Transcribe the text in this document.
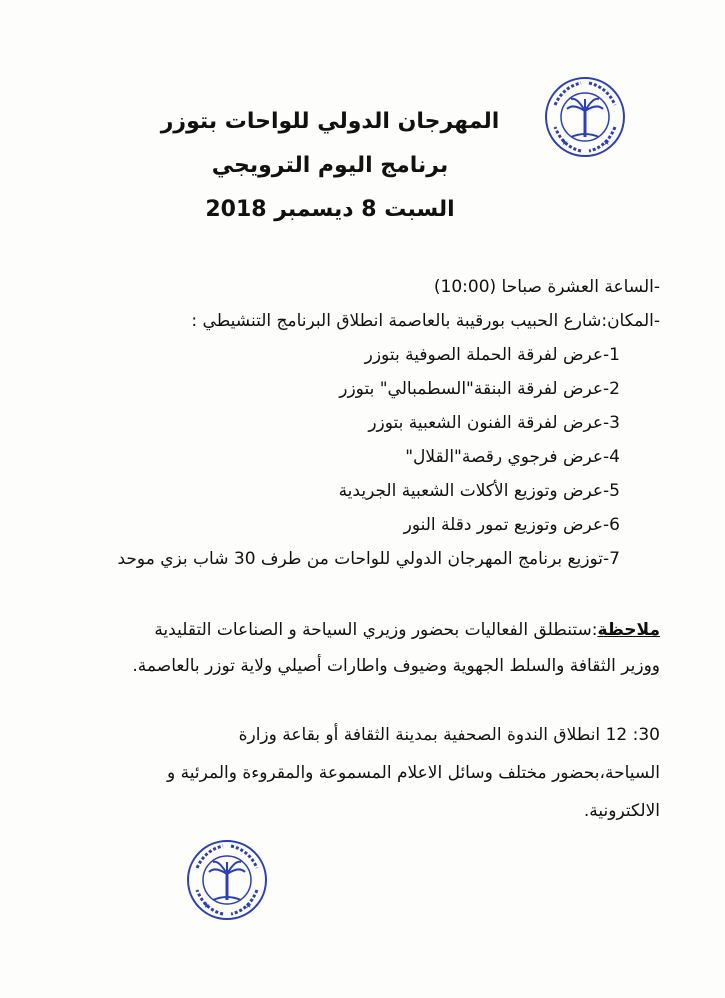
المهرجان الدولي للواحات بتوزر
برنامج اليوم الترويجي
السبت 8 ديسمبر 2018
-الساعة العشرة صباحا (10:00)
-المكان:شارع الحبيب بورقيبة بالعاصمة انطلاق البرنامج التنشيطي :
1-عرض لفرقة الحملة الصوفية بتوزر
2-عرض لفرقة البنقة"السطمبالي" بتوزر
3-عرض لفرقة الفنون الشعبية بتوزر
4-عرض فرجوي رقصة"القلال"
5-عرض وتوزيع الأكلات الشعبية الجريدية
6-عرض وتوزيع تمور دقلة النور
7-توزيع برنامج المهرجان الدولي للواحات من طرف 30 شاب بزي موحد
ملاحظة:ستنطلق الفعاليات بحضور وزيري السياحة و الصناعات التقليدية
ووزير الثقافة والسلط الجهوية وضيوف واطارات أصيلي ولاية توزر بالعاصمة.
30: 12 انطلاق الندوة الصحفية بمدينة الثقافة أو بقاعة وزارة
السياحة،بحضور مختلف وسائل الاعلام المسموعة والمقروءة والمرئية و
الالكترونية.
★	★
★	★
